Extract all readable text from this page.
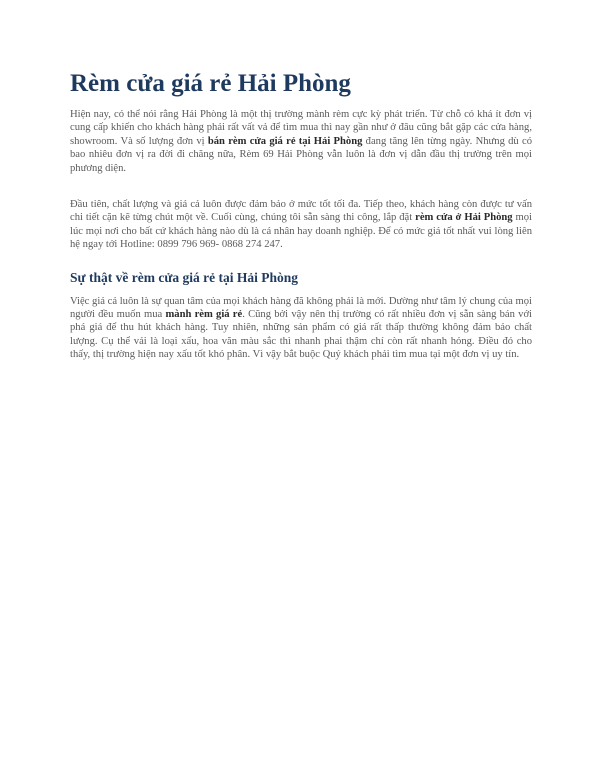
Rèm cửa giá rẻ Hải Phòng

Hiện nay, có thể nói rằng Hải Phòng là một thị trường mành rèm cực kỳ phát triển. Từ chỗ có khá ít đơn vị cung cấp khiến cho khách hàng phải rất vất vả để tìm mua thì nay gần như ở đâu cũng bắt gặp các cửa hàng, showroom. Và số lượng đơn vị bán rèm cửa giá rẻ tại Hải Phòng đang tăng lên từng ngày. Nhưng dù có bao nhiêu đơn vị ra đời đi chăng nữa, Rèm 69 Hải Phòng vẫn luôn là đơn vị dẫn đầu thị trường trên mọi phương diện.

Đầu tiên, chất lượng và giá cả luôn được đảm bảo ở mức tốt tối đa. Tiếp theo, khách hàng còn được tư vấn chi tiết cặn kẽ từng chút một về. Cuối cùng, chúng tôi sẵn sàng thi công, lắp đặt rèm cửa ở Hải Phòng mọi lúc mọi nơi cho bất cứ khách hàng nào dù là cá nhân hay doanh nghiệp. Để có mức giá tốt nhất vui lòng liên hệ ngay tới Hotline: 0899 796 969- 0868 274 247.

Sự thật về rèm cửa giá rẻ tại Hải Phòng

Việc giá cả luôn là sự quan tâm của mọi khách hàng đã không phải là mới. Dường như tâm lý chung của mọi người đều muốn mua mành rèm giá rẻ. Cũng bởi vậy nên thị trường có rất nhiều đơn vị sẵn sàng bán với phá giá để thu hút khách hàng. Tuy nhiên, những sản phẩm có giá rất thấp thường không đảm bảo chất lượng. Cụ thể vải là loại xấu, hoa văn màu sắc thì nhanh phai thậm chí còn rất nhanh hỏng. Điều đó cho thấy, thị trường hiện nay xấu tốt khó phân. Vì vậy bắt buộc Quý khách phải tìm mua tại một đơn vị uy tín.
